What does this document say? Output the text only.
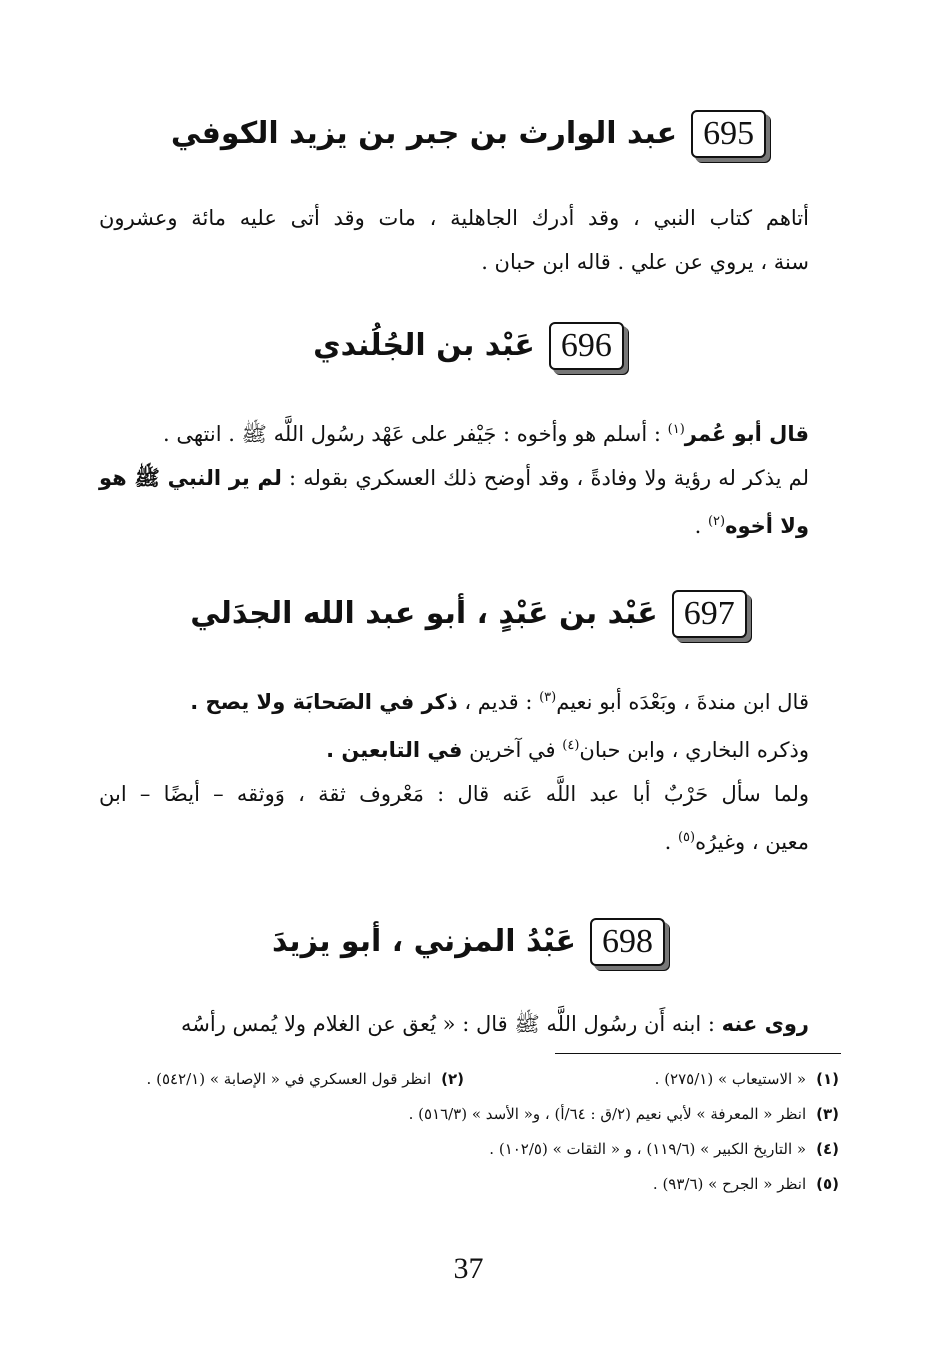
695
عبد الوارث بن جبر بن يزيد الكوفي
أتاهم كتاب النبي ، وقد أدرك الجاهلية ، مات وقد أتى عليه مائة وعشرون
سنة ، يروي عن علي . قاله ابن حبان .
696
عَبْد بن الجُلُندي
قال أبو عُمر$^{(١)}$ : أسلم هو وأخوه : جَيْفر على عَهْد رسُول اللَّه ﷺ . انتهى .
لم يذكر له رؤية ولا وفادةً ، وقد أوضح ذلك العسكري بقوله : لم ير النبي ﷺ هو ولا أخوه$^{(٢)}$ .
697
عَبْد بن عَبْدٍ ، أبو عبد الله الجدَلي
قال ابن مندةَ ، وبَعْدَه أبو نعيم$^{(٣)}$ : قديم ، ذكر في الصَحابَة ولا يصح .
وذكره البخاري ، وابن حبان$^{(٤)}$ في آخرين في التابعين .
ولما سأل حَرْبٌ أبا عبد اللَّه عَنه قال : مَعْروف ثقة ، وَوثقه – أيضًا – ابن
معين ، وغيرُه$^{(٥)}$ .
698
عَبْدُ المزني ، أبو يزيدَ
روى عنه : ابنه أَن رسُول اللَّه ﷺ قال : « يُعق عن الغلام ولا يُمس رأسُه
(١)« الاستيعاب » (٢٧٥/١) .
(٢)انظر قول العسكري في « الإصابة » (٥٤٢/١) .
(٣)انظر « المعرفة » لأبي نعيم (٢/ق : ٦٤/أ) ، و« الأسد » (٥١٦/٣) .
(٤)« التاريخ الكبير » (١١٩/٦) ، و « الثقات » (١٠٢/٥) .
(٥)انظر « الجرح » (٩٣/٦) .
37
